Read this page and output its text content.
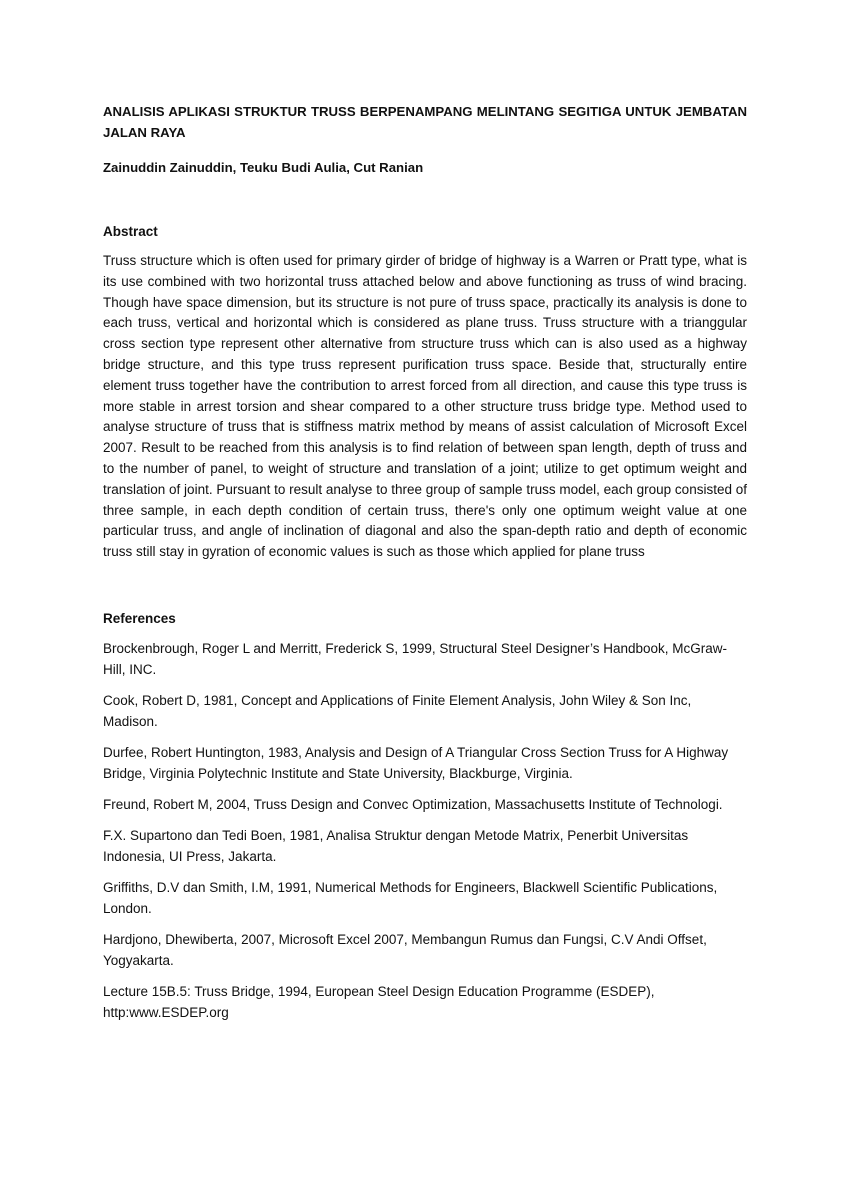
ANALISIS APLIKASI STRUKTUR TRUSS BERPENAMPANG MELINTANG SEGITIGA UNTUK JEMBATAN JALAN RAYA
Zainuddin Zainuddin, Teuku Budi Aulia, Cut Ranian
Abstract
Truss structure which is often used for primary girder of bridge of highway is a Warren or Pratt type, what is its use combined with two horizontal truss attached below and above functioning as truss of wind bracing. Though have space dimension, but its structure is not pure of truss space, practically its analysis is done to each truss, vertical and horizontal which is considered as plane truss. Truss structure with a trianggular cross section type represent other alternative from structure truss which can is also used as a highway bridge structure, and this type truss represent purification truss space. Beside that, structurally entire element truss together have the contribution to arrest forced from all direction, and cause this type truss is more stable in arrest torsion and shear compared to a other structure truss bridge type. Method used to analyse structure of truss that is stiffness matrix method by means of assist calculation of Microsoft Excel 2007. Result to be reached from this analysis is to find relation of between span length, depth of truss and to the number of panel, to weight of structure and translation of a joint; utilize to get optimum weight and translation of joint. Pursuant to result analyse to three group of sample truss model, each group consisted of three sample, in each depth condition of certain truss, there's only one optimum weight value at one particular truss, and angle of inclination of diagonal and also the span-depth ratio and depth of economic truss still stay in gyration of economic values is such as those which applied for plane truss
References
Brockenbrough, Roger L and Merritt, Frederick S, 1999, Structural Steel Designer’s Handbook, McGraw-Hill, INC.
Cook, Robert D, 1981, Concept and Applications of Finite Element Analysis, John Wiley & Son Inc, Madison.
Durfee, Robert Huntington, 1983, Analysis and Design of A Triangular Cross Section Truss for A Highway Bridge, Virginia Polytechnic Institute and State University, Blackburge, Virginia.
Freund, Robert M, 2004, Truss Design and Convec Optimization, Massachusetts Institute of Technologi.
F.X. Supartono dan Tedi Boen, 1981, Analisa Struktur dengan Metode Matrix, Penerbit Universitas Indonesia, UI Press, Jakarta.
Griffiths, D.V dan Smith, I.M, 1991, Numerical Methods for Engineers, Blackwell Scientific Publications, London.
Hardjono, Dhewiberta, 2007, Microsoft Excel 2007, Membangun Rumus dan Fungsi, C.V Andi Offset, Yogyakarta.
Lecture 15B.5: Truss Bridge, 1994, European Steel Design Education Programme (ESDEP), http:www.ESDEP.org
